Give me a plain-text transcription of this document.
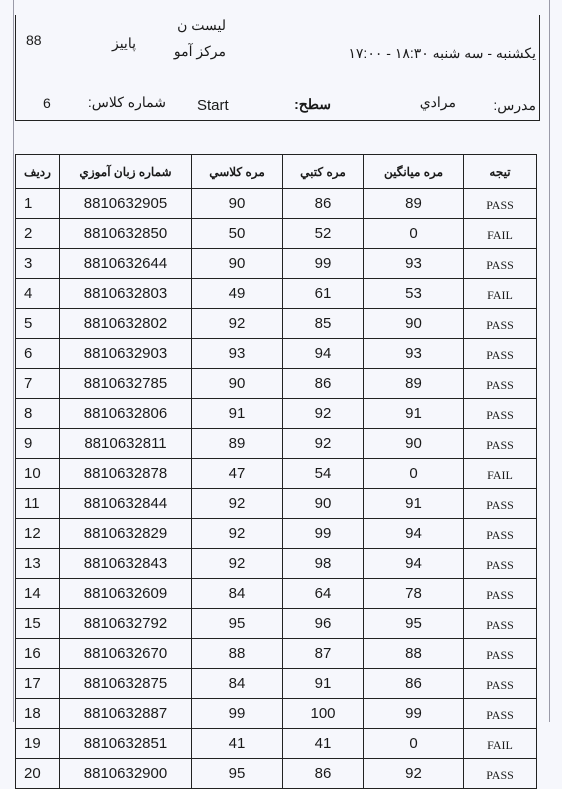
88	پاییز
لیست ن
مرکز آمو	یکشنبه - سه شنبه ۱۸:۳۰ - ۱۷:۰۰
6	شماره کلاس: Start	سطح:	مرادي	مدرس:
ردیف	شماره زبان آموزي	مره کلاسي	مره کتبي	مره میانگین	تیجه
1	8810632905	90	86	89	PASS
2	8810632850	50	52	0	FAIL
3	8810632644	90	99	93	PASS
4	8810632803	49	61	53	FAIL
5	8810632802	92	85	90	PASS
6	8810632903	93	94	93	PASS
7	8810632785	90	86	89	PASS
8	8810632806	91	92	91	PASS
9	8810632811	89	92	90	PASS
10	8810632878	47	54	0	FAIL
11	8810632844	92	90	91	PASS
12	8810632829	92	99	94	PASS
13	8810632843	92	98	94	PASS
14	8810632609	84	64	78	PASS
15	8810632792	95	96	95	PASS
16	8810632670	88	87	88	PASS
17	8810632875	84	91	86	PASS
18	8810632887	99	100	99	PASS
19	8810632851	41	41	0	FAIL
20	8810632900	95	86	92	PASS
